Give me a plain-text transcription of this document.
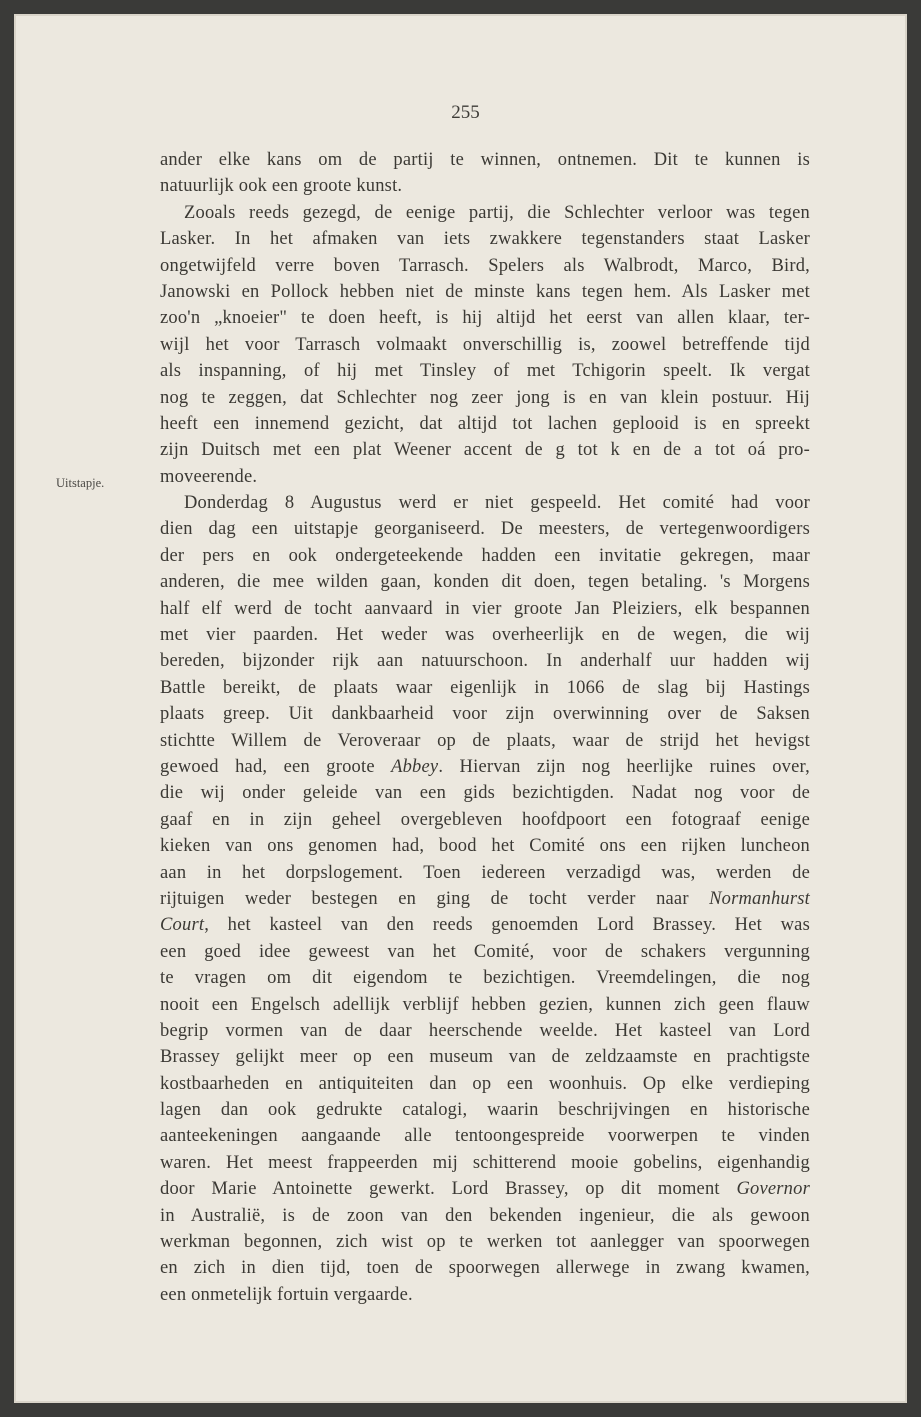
255
Uitstapje.
ander elke kans om de partij te winnen, ontnemen. Dit te kunnen is
natuurlijk ook een groote kunst.
Zooals reeds gezegd, de eenige partij, die Schlechter verloor was tegen
Lasker. In het afmaken van iets zwakkere tegenstanders staat Lasker
ongetwijfeld verre boven Tarrasch. Spelers als Walbrodt, Marco, Bird,
Janowski en Pollock hebben niet de minste kans tegen hem. Als Lasker met
zoo'n „knoeier" te doen heeft, is hij altijd het eerst van allen klaar, ter-
wijl het voor Tarrasch volmaakt onverschillig is, zoowel betreffende tijd
als inspanning, of hij met Tinsley of met Tchigorin speelt. Ik vergat
nog te zeggen, dat Schlechter nog zeer jong is en van klein postuur. Hij
heeft een innemend gezicht, dat altijd tot lachen geplooid is en spreekt
zijn Duitsch met een plat Weener accent de g tot k en de a tot oá pro-
moveerende.
Donderdag 8 Augustus werd er niet gespeeld. Het comité had voor
dien dag een uitstapje georganiseerd. De meesters, de vertegenwoordigers
der pers en ook ondergeteekende hadden een invitatie gekregen, maar
anderen, die mee wilden gaan, konden dit doen, tegen betaling. 's Morgens
half elf werd de tocht aanvaard in vier groote Jan Pleiziers, elk bespannen
met vier paarden. Het weder was overheerlijk en de wegen, die wij
bereden, bijzonder rijk aan natuurschoon. In anderhalf uur hadden wij
Battle bereikt, de plaats waar eigenlijk in 1066 de slag bij Hastings
plaats greep. Uit dankbaarheid voor zijn overwinning over de Saksen
stichtte Willem de Veroveraar op de plaats, waar de strijd het hevigst
gewoed had, een groote Abbey. Hiervan zijn nog heerlijke ruines over,
die wij onder geleide van een gids bezichtigden. Nadat nog voor de
gaaf en in zijn geheel overgebleven hoofdpoort een fotograaf eenige
kieken van ons genomen had, bood het Comité ons een rijken luncheon
aan in het dorpslogement. Toen iedereen verzadigd was, werden de
rijtuigen weder bestegen en ging de tocht verder naar Normanhurst
Court, het kasteel van den reeds genoemden Lord Brassey. Het was
een goed idee geweest van het Comité, voor de schakers vergunning
te vragen om dit eigendom te bezichtigen. Vreemdelingen, die nog
nooit een Engelsch adellijk verblijf hebben gezien, kunnen zich geen flauw
begrip vormen van de daar heerschende weelde. Het kasteel van Lord
Brassey gelijkt meer op een museum van de zeldzaamste en prachtigste
kostbaarheden en antiquiteiten dan op een woonhuis. Op elke verdieping
lagen dan ook gedrukte catalogi, waarin beschrijvingen en historische
aanteekeningen aangaande alle tentoongespreide voorwerpen te vinden
waren. Het meest frappeerden mij schitterend mooie gobelins, eigenhandig
door Marie Antoinette gewerkt. Lord Brassey, op dit moment Governor
in Australië, is de zoon van den bekenden ingenieur, die als gewoon
werkman begonnen, zich wist op te werken tot aanlegger van spoorwegen
en zich in dien tijd, toen de spoorwegen allerwege in zwang kwamen,
een onmetelijk fortuin vergaarde.
